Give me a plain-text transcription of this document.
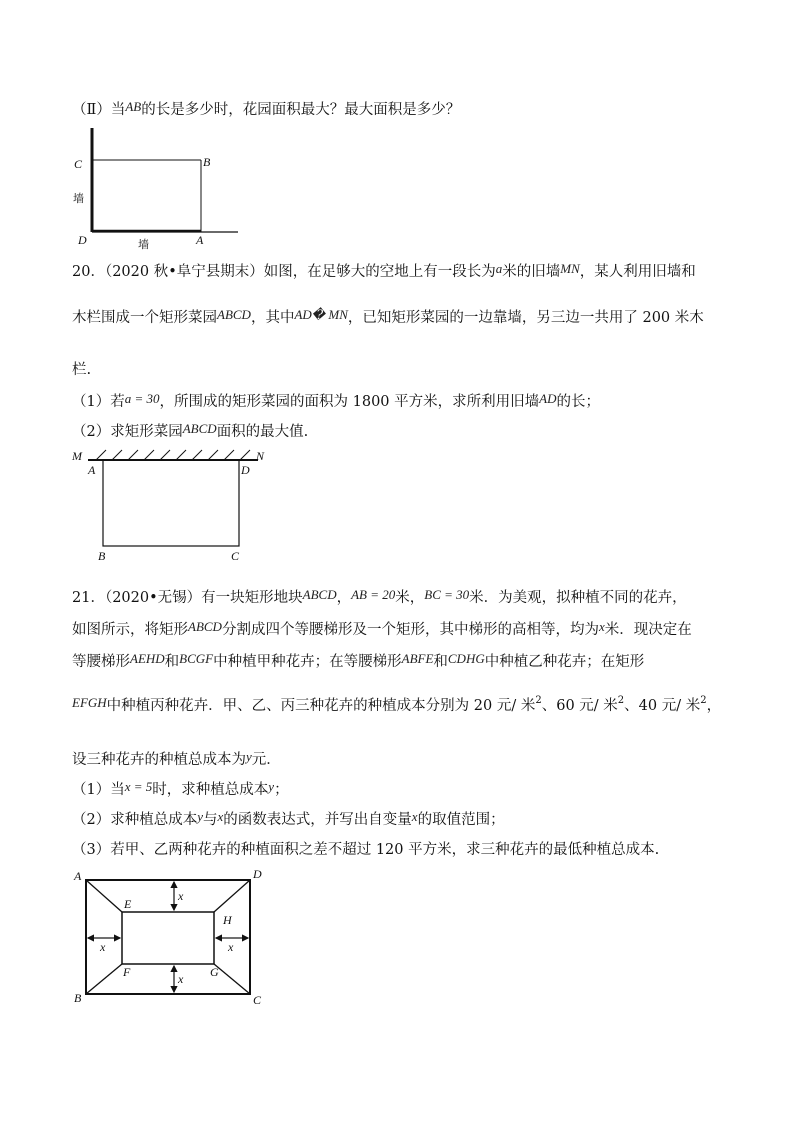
（Ⅱ）当AB的长是多少时，花园面积最大？最大面积是多少？
C	B
D	A
墙
墙
20．（2020 秋•阜宁县期末）如图，在足够大的空地上有一段长为a米的旧墙MN，某人利用旧墙和
木栏围成一个矩形菜园ABCD，其中AD� MN，已知矩形菜园的一边靠墙，另三边一共用了 200 米木
栏.
（1）若a = 30，所围成的矩形菜园的面积为 1800 平方米，求所利用旧墙AD的长；
（2）求矩形菜园ABCD面积的最大值.
M	N
A	D
B	C
21．（2020•无锡）有一块矩形地块ABCD，AB = 20米，BC = 30米．为美观，拟种植不同的花卉，
如图所示，将矩形ABCD分割成四个等腰梯形及一个矩形，其中梯形的高相等，均为x米．现决定在
等腰梯形AEHD和BCGF中种植甲种花卉；在等腰梯形ABFE和CDHG中种植乙种花卉；在矩形
EFGH中种植丙种花卉．甲、乙、丙三种花卉的种植成本分别为 20 元/ 米$^2$、60 元/ 米$^2$、40 元/ 米$^2$，
设三种花卉的种植总成本为y元．
（1）当x = 5时，求种植总成本y；
（2）求种植总成本y与x的函数表达式，并写出自变量x的取值范围；
（3）若甲、乙两种花卉的种植面积之差不超过 120 平方米，求三种花卉的最低种植总成本.
A	D
B	C
E
F	G
H
x
x
x	x
